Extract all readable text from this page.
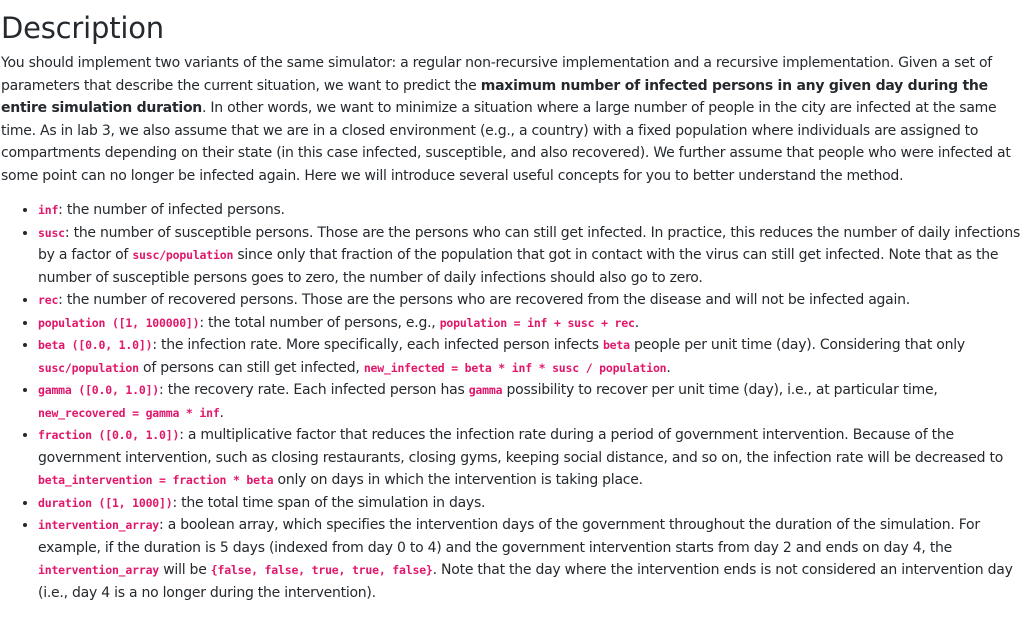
Description

You should implement two variants of the same simulator: a regular non-recursive implementation and a recursive implementation. Given a set of parameters that describe the current situation, we want to predict the maximum number of infected persons in any given day during the entire simulation duration. In other words, we want to minimize a situation where a large number of people in the city are infected at the same time. As in lab 3, we also assume that we are in a closed environment (e.g., a country) with a fixed population where individuals are assigned to compartments depending on their state (in this case infected, susceptible, and also recovered). We further assume that people who were infected at some point can no longer be infected again. Here we will introduce several useful concepts for you to better understand the method.

• inf: the number of infected persons.
• susc: the number of susceptible persons. Those are the persons who can still get infected. In practice, this reduces the number of daily infections by a factor of susc/population since only that fraction of the population that got in contact with the virus can still get infected. Note that as the number of susceptible persons goes to zero, the number of daily infections should also go to zero.
• rec: the number of recovered persons. Those are the persons who are recovered from the disease and will not be infected again.
• population ([1, 100000]): the total number of persons, e.g., population = inf + susc + rec.
• beta ([0.0, 1.0]): the infection rate. More specifically, each infected person infects beta people per unit time (day). Considering that only susc/population of persons can still get infected, new_infected = beta * inf * susc / population.
• gamma ([0.0, 1.0]): the recovery rate. Each infected person has gamma possibility to recover per unit time (day), i.e., at particular time, new_recovered = gamma * inf.
• fraction ([0.0, 1.0]): a multiplicative factor that reduces the infection rate during a period of government intervention. Because of the government intervention, such as closing restaurants, closing gyms, keeping social distance, and so on, the infection rate will be decreased to beta_intervention = fraction * beta only on days in which the intervention is taking place.
• duration ([1, 1000]): the total time span of the simulation in days.
• intervention_array: a boolean array, which specifies the intervention days of the government throughout the duration of the simulation. For example, if the duration is 5 days (indexed from day 0 to 4) and the government intervention starts from day 2 and ends on day 4, the intervention_array will be {false, false, true, true, false}. Note that the day where the intervention ends is not considered an intervention day (i.e., day 4 is a no longer during the intervention).
